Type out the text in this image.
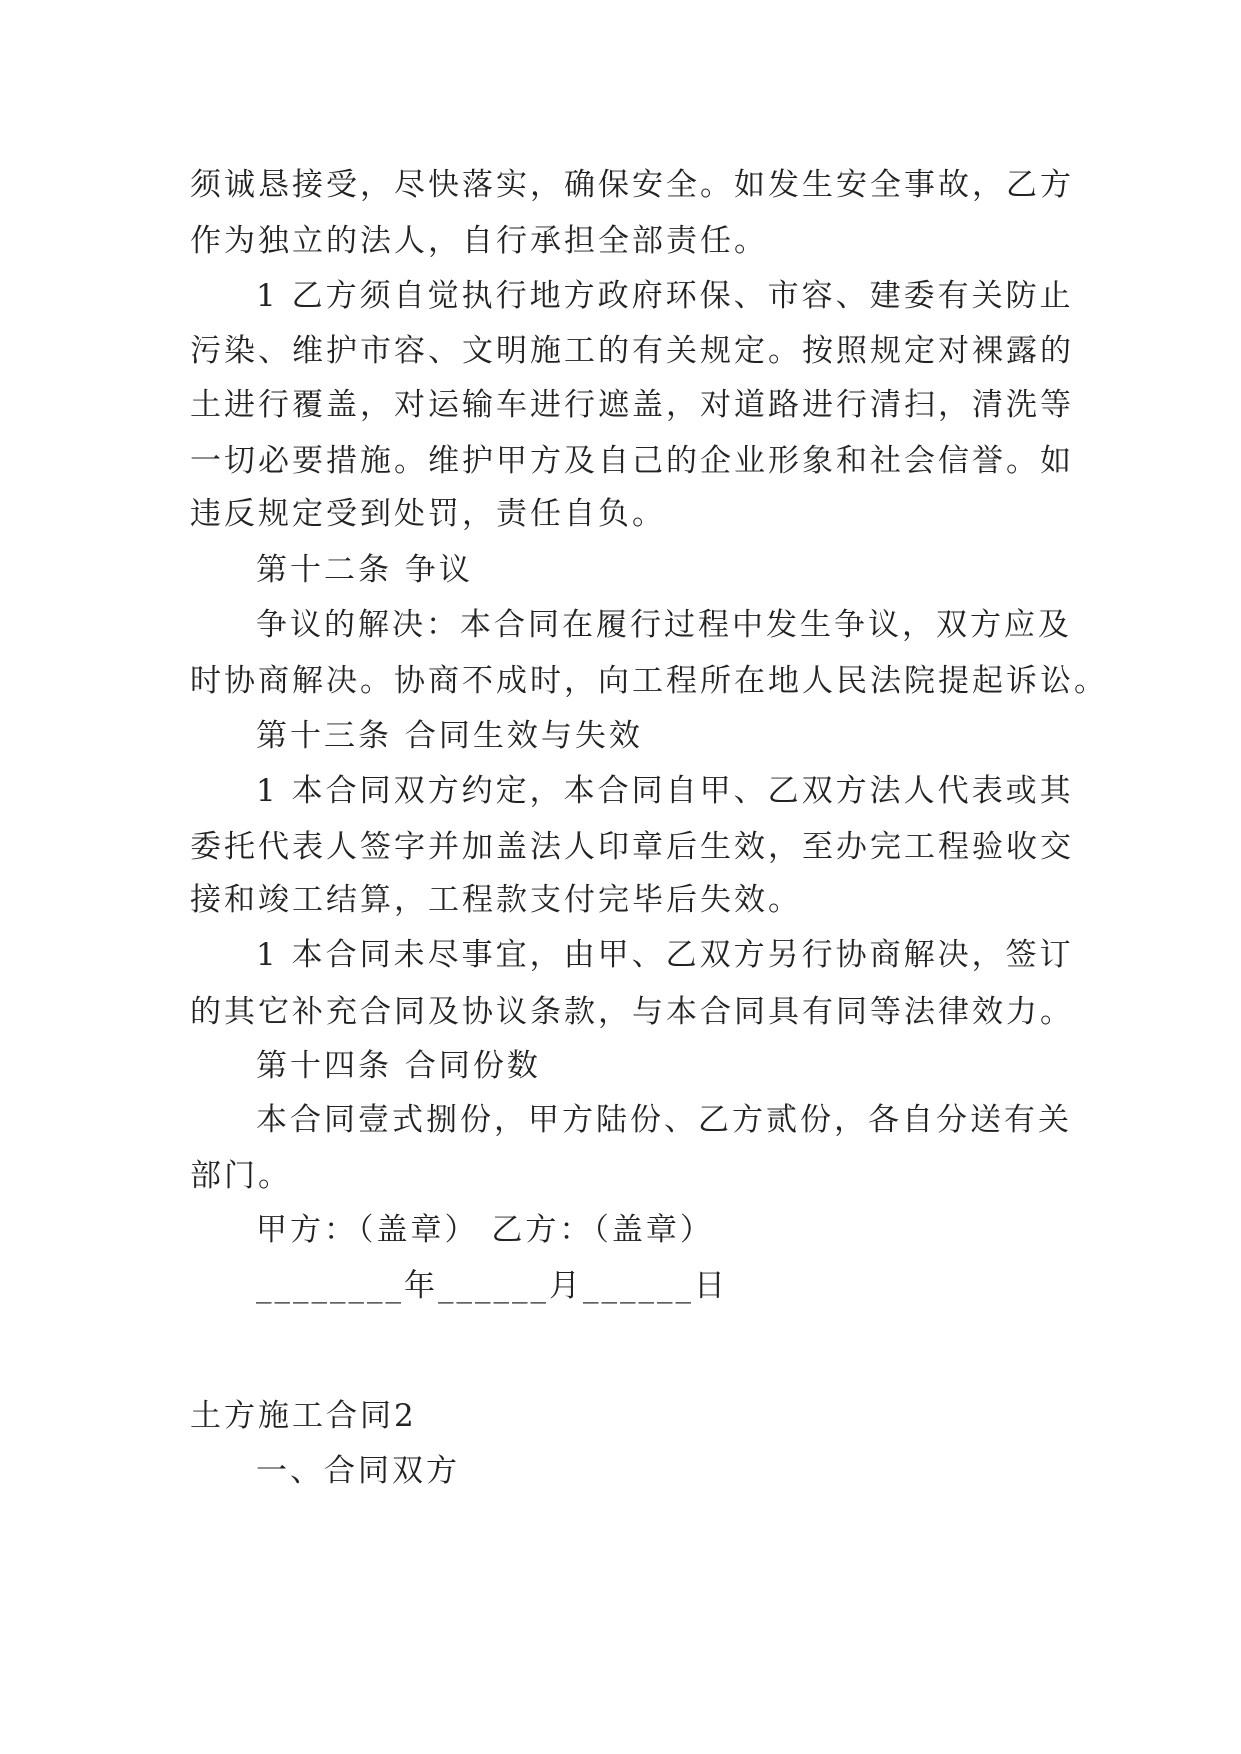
须诚恳接受，尽快落实，确保安全。如发生安全事故，乙方
作为独立的法人，自行承担全部责任。
1 乙方须自觉执行地方政府环保、市容、建委有关防止
污染、维护市容、文明施工的有关规定。按照规定对裸露的
土进行覆盖，对运输车进行遮盖，对道路进行清扫，清洗等
一切必要措施。维护甲方及自己的企业形象和社会信誉。如
违反规定受到处罚，责任自负。
第十二条 争议
争议的解决：本合同在履行过程中发生争议，双方应及
时协商解决。协商不成时，向工程所在地人民法院提起诉讼。
第十三条 合同生效与失效
1 本合同双方约定，本合同自甲、乙双方法人代表或其
委托代表人签字并加盖法人印章后生效，至办完工程验收交
接和竣工结算，工程款支付完毕后失效。
1 本合同未尽事宜，由甲、乙双方另行协商解决，签订
的其它补充合同及协议条款，与本合同具有同等法律效力。
第十四条 合同份数
本合同壹式捌份，甲方陆份、乙方贰份，各自分送有关
部门。
甲方：（盖章） 乙方：（盖章）
________年______月______日
土方施工合同2
一、合同双方
